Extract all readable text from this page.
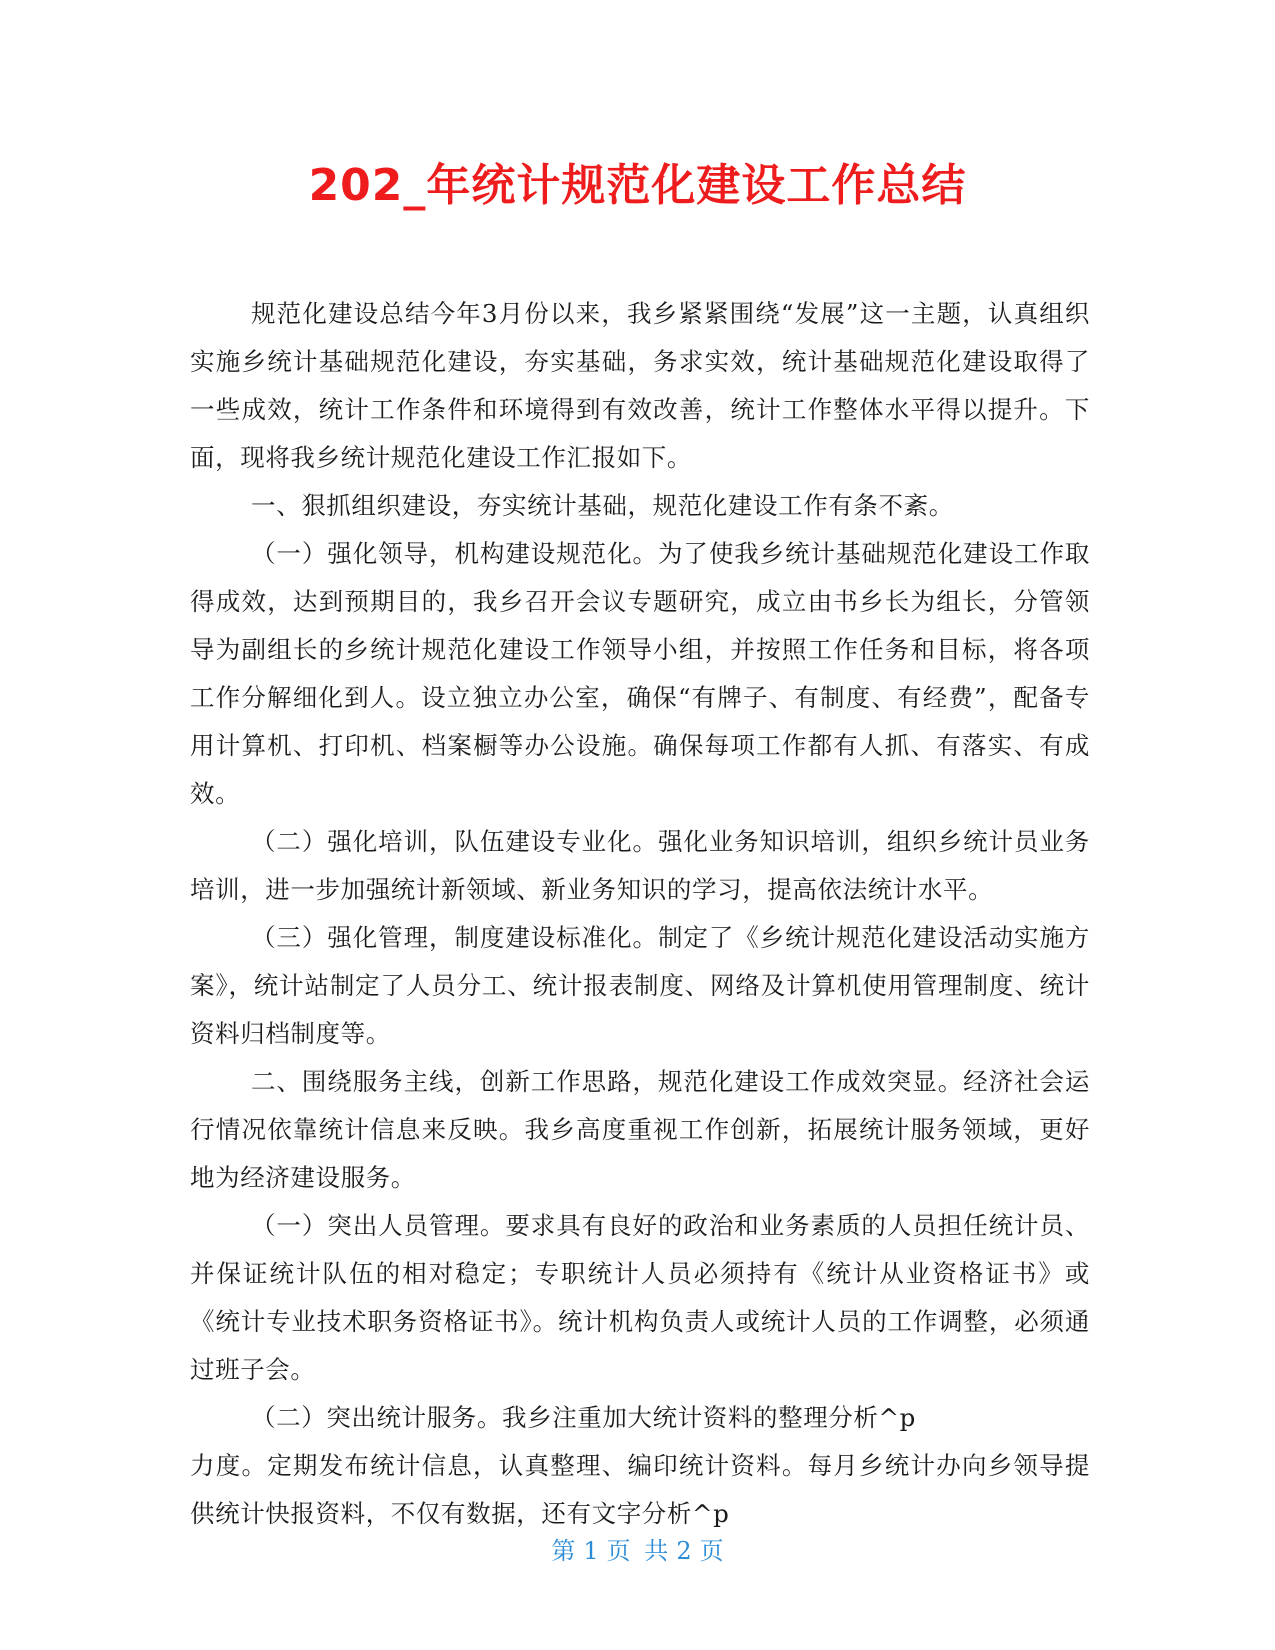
202_年统计规范化建设工作总结

规范化建设总结今年3月份以来，我乡紧紧围绕“发展”这一主题，认真组织实施乡统计基础规范化建设，夯实基础，务求实效，统计基础规范化建设取得了一些成效，统计工作条件和环境得到有效改善，统计工作整体水平得以提升。下面，现将我乡统计规范化建设工作汇报如下。

一、狠抓组织建设，夯实统计基础，规范化建设工作有条不紊。

（一）强化领导，机构建设规范化。为了使我乡统计基础规范化建设工作取得成效，达到预期目的，我乡召开会议专题研究，成立由书乡长为组长，分管领导为副组长的乡统计规范化建设工作领导小组，并按照工作任务和目标，将各项工作分解细化到人。设立独立办公室，确保“有牌子、有制度、有经费”，配备专用计算机、打印机、档案橱等办公设施。确保每项工作都有人抓、有落实、有成效。

（二）强化培训，队伍建设专业化。强化业务知识培训，组织乡统计员业务培训，进一步加强统计新领域、新业务知识的学习，提高依法统计水平。

（三）强化管理，制度建设标准化。制定了《乡统计规范化建设活动实施方案》，统计站制定了人员分工、统计报表制度、网络及计算机使用管理制度、统计资料归档制度等。

二、围绕服务主线，创新工作思路，规范化建设工作成效突显。经济社会运行情况依靠统计信息来反映。我乡高度重视工作创新，拓展统计服务领域，更好地为经济建设服务。

（一）突出人员管理。要求具有良好的政治和业务素质的人员担任统计员、并保证统计队伍的相对稳定；专职统计人员必须持有《统计从业资格证书》或《统计专业技术职务资格证书》。统计机构负责人或统计人员的工作调整，必须通过班子会。

（二）突出统计服务。我乡注重加大统计资料的整理分析^p

力度。定期发布统计信息，认真整理、编印统计资料。每月乡统计办向乡领导提供统计快报资料，不仅有数据，还有文字分析^p

第 1 页 共 2 页
